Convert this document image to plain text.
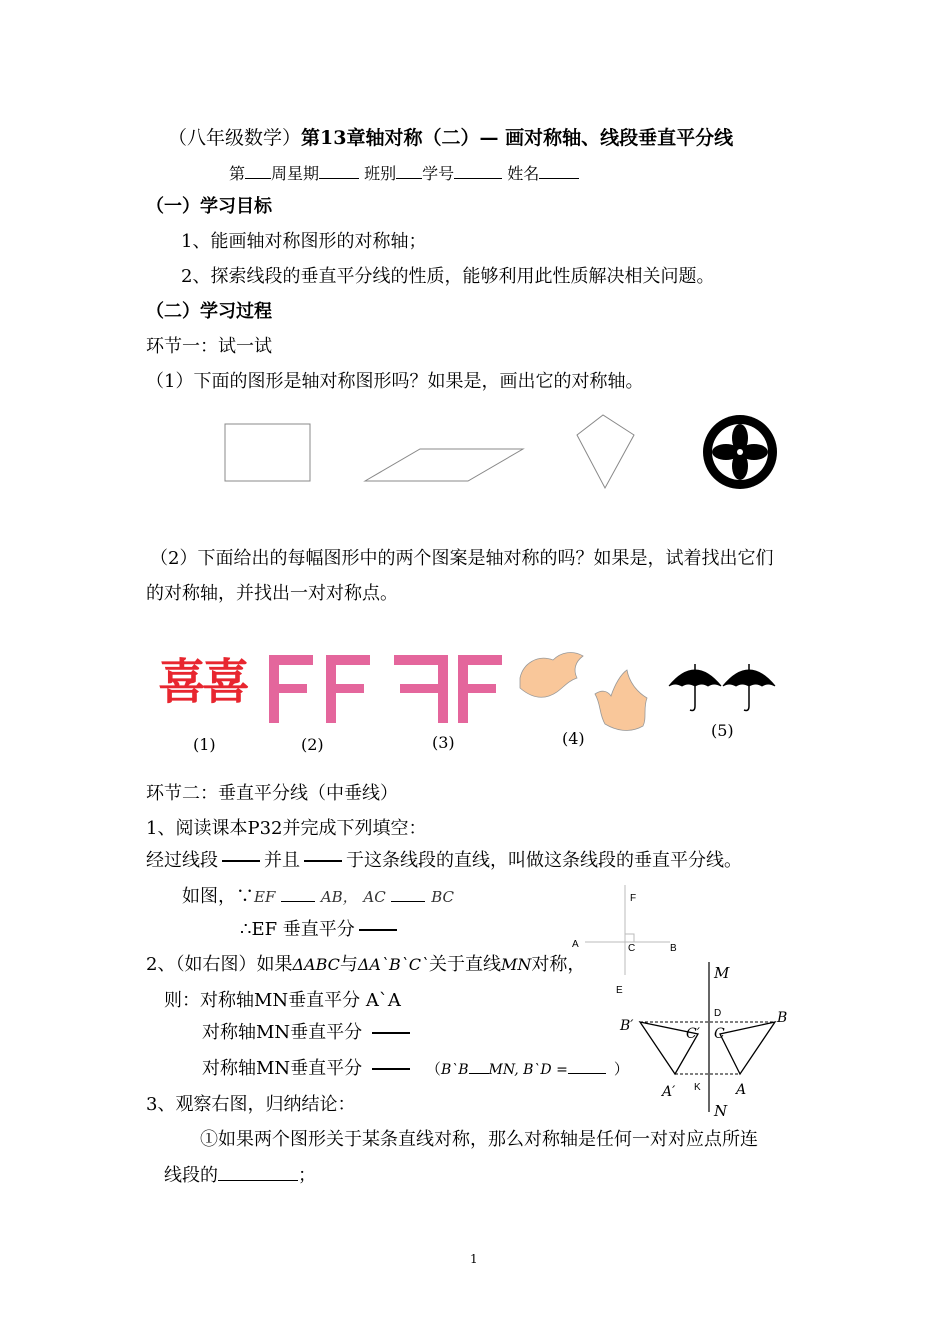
（八年级数学）第13章轴对称（二）— 画对称轴、线段垂直平分线
第 周星期	班别 学号	姓名
（一）学习目标
1、能画轴对称图形的对称轴；
2、探索线段的垂直平分线的性质，能够利用此性质解决相关问题。
（二）学习过程
环节一：试一试
（1）下面的图形是轴对称图形吗？如果是，画出它的对称轴。
（2）下面给出的每幅图形中的两个图案是轴对称的吗？如果是，试着找出它们
的对称轴，并找出一对对称点。
喜喜
(1)	(2)	(3)	(4)	(5)
环节二：垂直平分线（中垂线）
1、阅读课本P32并完成下列填空：
经过线段	并且	于这条线段的直线，叫做这条线段的垂直平分线。
如图，∵EF	AB， AC	BC
∴EF 垂直平分
F
A	C	B
E
2、（如右图）如果ΔABC与ΔA`B`C`关于直线MN对称，
则：对称轴MN垂直平分 A`A
对称轴MN垂直平分
对称轴MN垂直平分	（B`B MN, B`D =	）
M
N
D
K
B
B′	C
C′
A
A′
3、观察右图，归纳结论：
①如果两个图形关于某条直线对称，那么对称轴是任何一对对应点所连
线段的	；
1
